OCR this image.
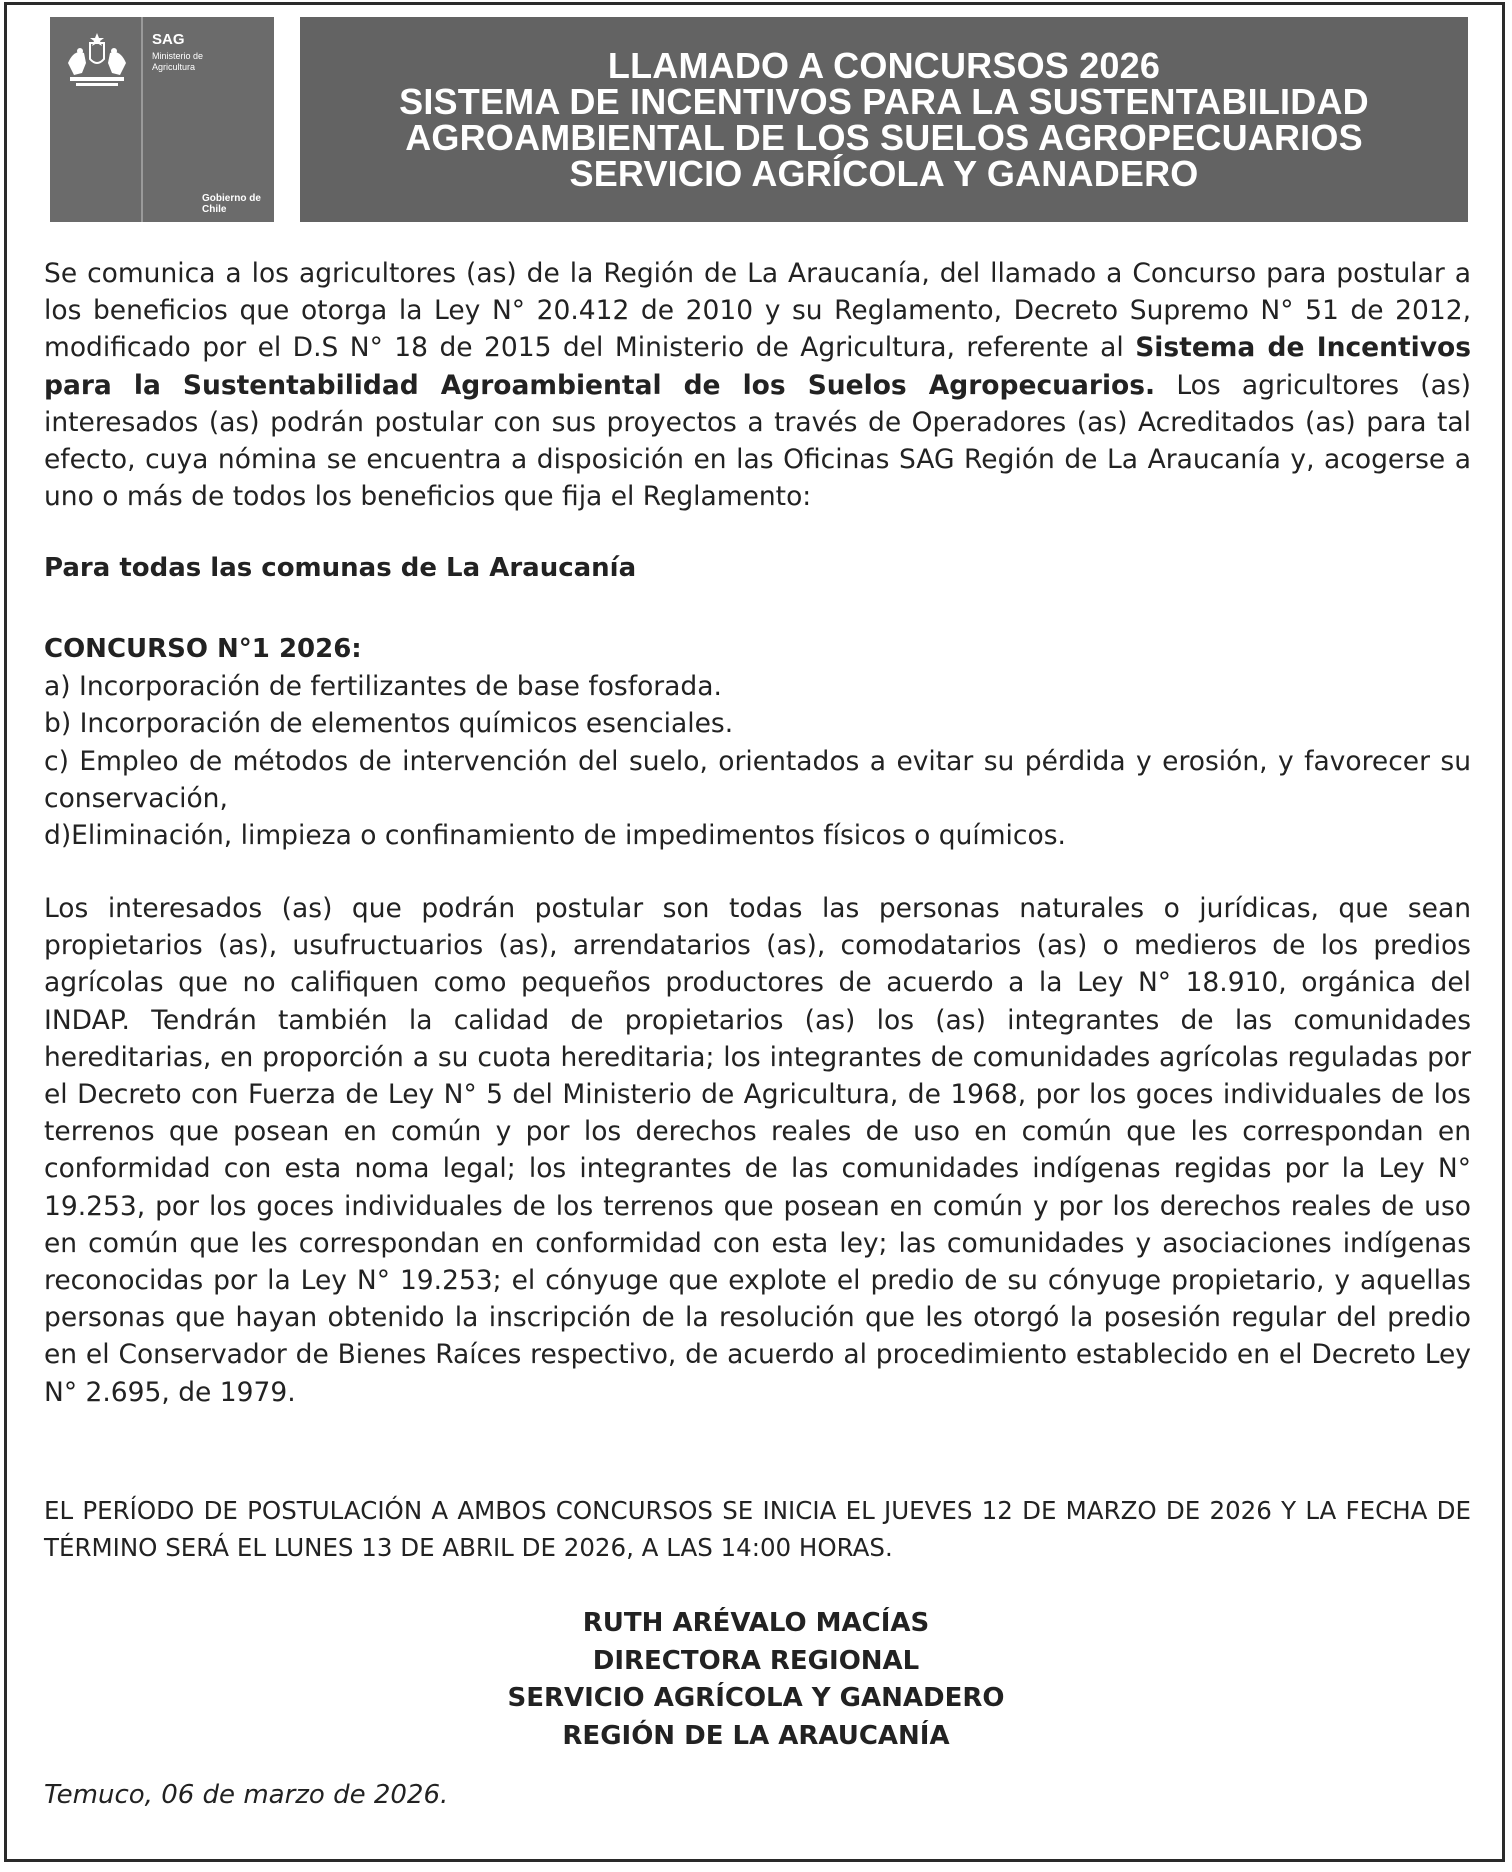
SAG
Ministerio de
Agricultura
Gobierno de Chile
LLAMADO A CONCURSOS 2026
SISTEMA DE INCENTIVOS PARA LA SUSTENTABILIDAD
AGROAMBIENTAL DE LOS SUELOS AGROPECUARIOS
SERVICIO AGRÍCOLA Y GANADERO

Se comunica a los agricultores (as) de la Región de La Araucanía, del llamado a Concurso para postular a los beneficios que otorga la Ley N° 20.412 de 2010 y su Reglamento, Decreto Supremo N° 51 de 2012, modificado por el D.S N° 18 de 2015 del Ministerio de Agricultura, referente al Sistema de Incentivos para la Sustentabilidad Agroambiental de los Suelos Agropecuarios. Los agricultores (as) interesados (as) podrán postular con sus proyectos a través de Operadores (as) Acreditados (as) para tal efecto, cuya nómina se encuentra a disposición en las Oficinas SAG Región de La Araucanía y, acogerse a uno o más de todos los beneficios que fija el Reglamento:

Para todas las comunas de La Araucanía
CONCURSO N°1 2026:
a) Incorporación de fertilizantes de base fosforada.
b) Incorporación de elementos químicos esenciales.
c) Empleo de métodos de intervención del suelo, orientados a evitar su pérdida y erosión, y favorecer su conservación,
d)Eliminación, limpieza o confinamiento de impedimentos físicos o químicos.
Los interesados (as) que podrán postular son todas las personas naturales o jurídicas, que sean propietarios (as), usufructuarios (as), arrendatarios (as), comodatarios (as) o medieros de los predios agrícolas que no califiquen como pequeños productores de acuerdo a la Ley N° 18.910, orgánica del INDAP. Tendrán también la calidad de propietarios (as) los (as) integrantes de las comunidades hereditarias, en proporción a su cuota hereditaria; los integrantes de comunidades agrícolas reguladas por el Decreto con Fuerza de Ley N° 5 del Ministerio de Agricultura, de 1968, por los goces individuales de los terrenos que posean en común y por los derechos reales de uso en común que les correspondan en conformidad con esta noma legal; los integrantes de las comunidades indígenas regidas por la Ley N° 19.253, por los goces individuales de los terrenos que posean en común y por los derechos reales de uso en común que les correspondan en conformidad con esta ley; las comunidades y asociaciones indígenas reconocidas por la Ley N° 19.253; el cónyuge que explote el predio de su cónyuge propietario, y aquellas personas que hayan obtenido la inscripción de la resolución que les otorgó la posesión regular del predio en el Conservador de Bienes Raíces respectivo, de acuerdo al procedimiento establecido en el Decreto Ley N° 2.695, de 1979.
EL PERÍODO DE POSTULACIÓN A AMBOS CONCURSOS SE INICIA EL JUEVES 12 DE MARZO DE 2026 Y LA FECHA DE TÉRMINO SERÁ EL LUNES 13 DE ABRIL DE 2026, A LAS 14:00 HORAS.
RUTH ARÉVALO MACÍAS
DIRECTORA REGIONAL
SERVICIO AGRÍCOLA Y GANADERO
REGIÓN DE LA ARAUCANÍA
Temuco, 06 de marzo de 2026.
